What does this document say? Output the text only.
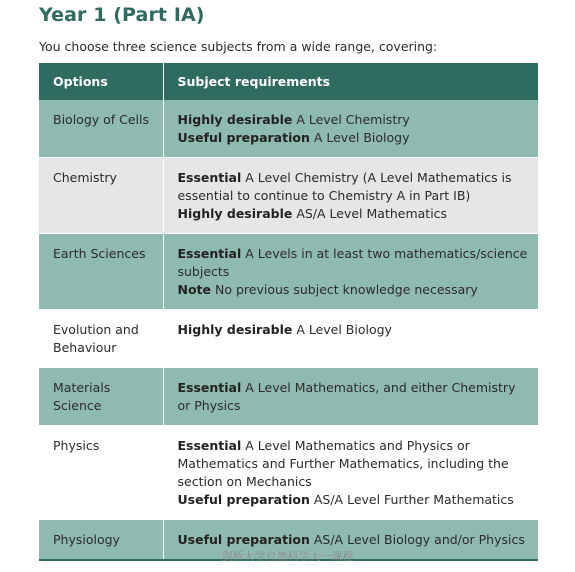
Year 1 (Part IA)
You choose three science subjects from a wide range, covering:
Options	Subject requirements
Biology of Cells	Highly desirable A Level Chemistry
Useful preparation A Level Biology

Chemistry	Essential A Level Chemistry (A Level Mathematics is essential to continue to Chemistry A in Part IB)
Highly desirable AS/A Level Mathematics

Earth Sciences	Essential A Levels in at least two mathematics/science subjects
Note No previous subject knowledge necessary

Evolution and Behaviour	Highly desirable A Level Biology

Materials Science	Essential A Level Mathematics, and either Chemistry or Physics

Physics	Essential A Level Mathematics and Physics or Mathematics and Further Mathematics, including the section on Mechanics
Useful preparation AS/A Level Further Mathematics

Physiology	Useful preparation AS/A Level Biology and/or Physics
剑桥大学自然科学大一课程
